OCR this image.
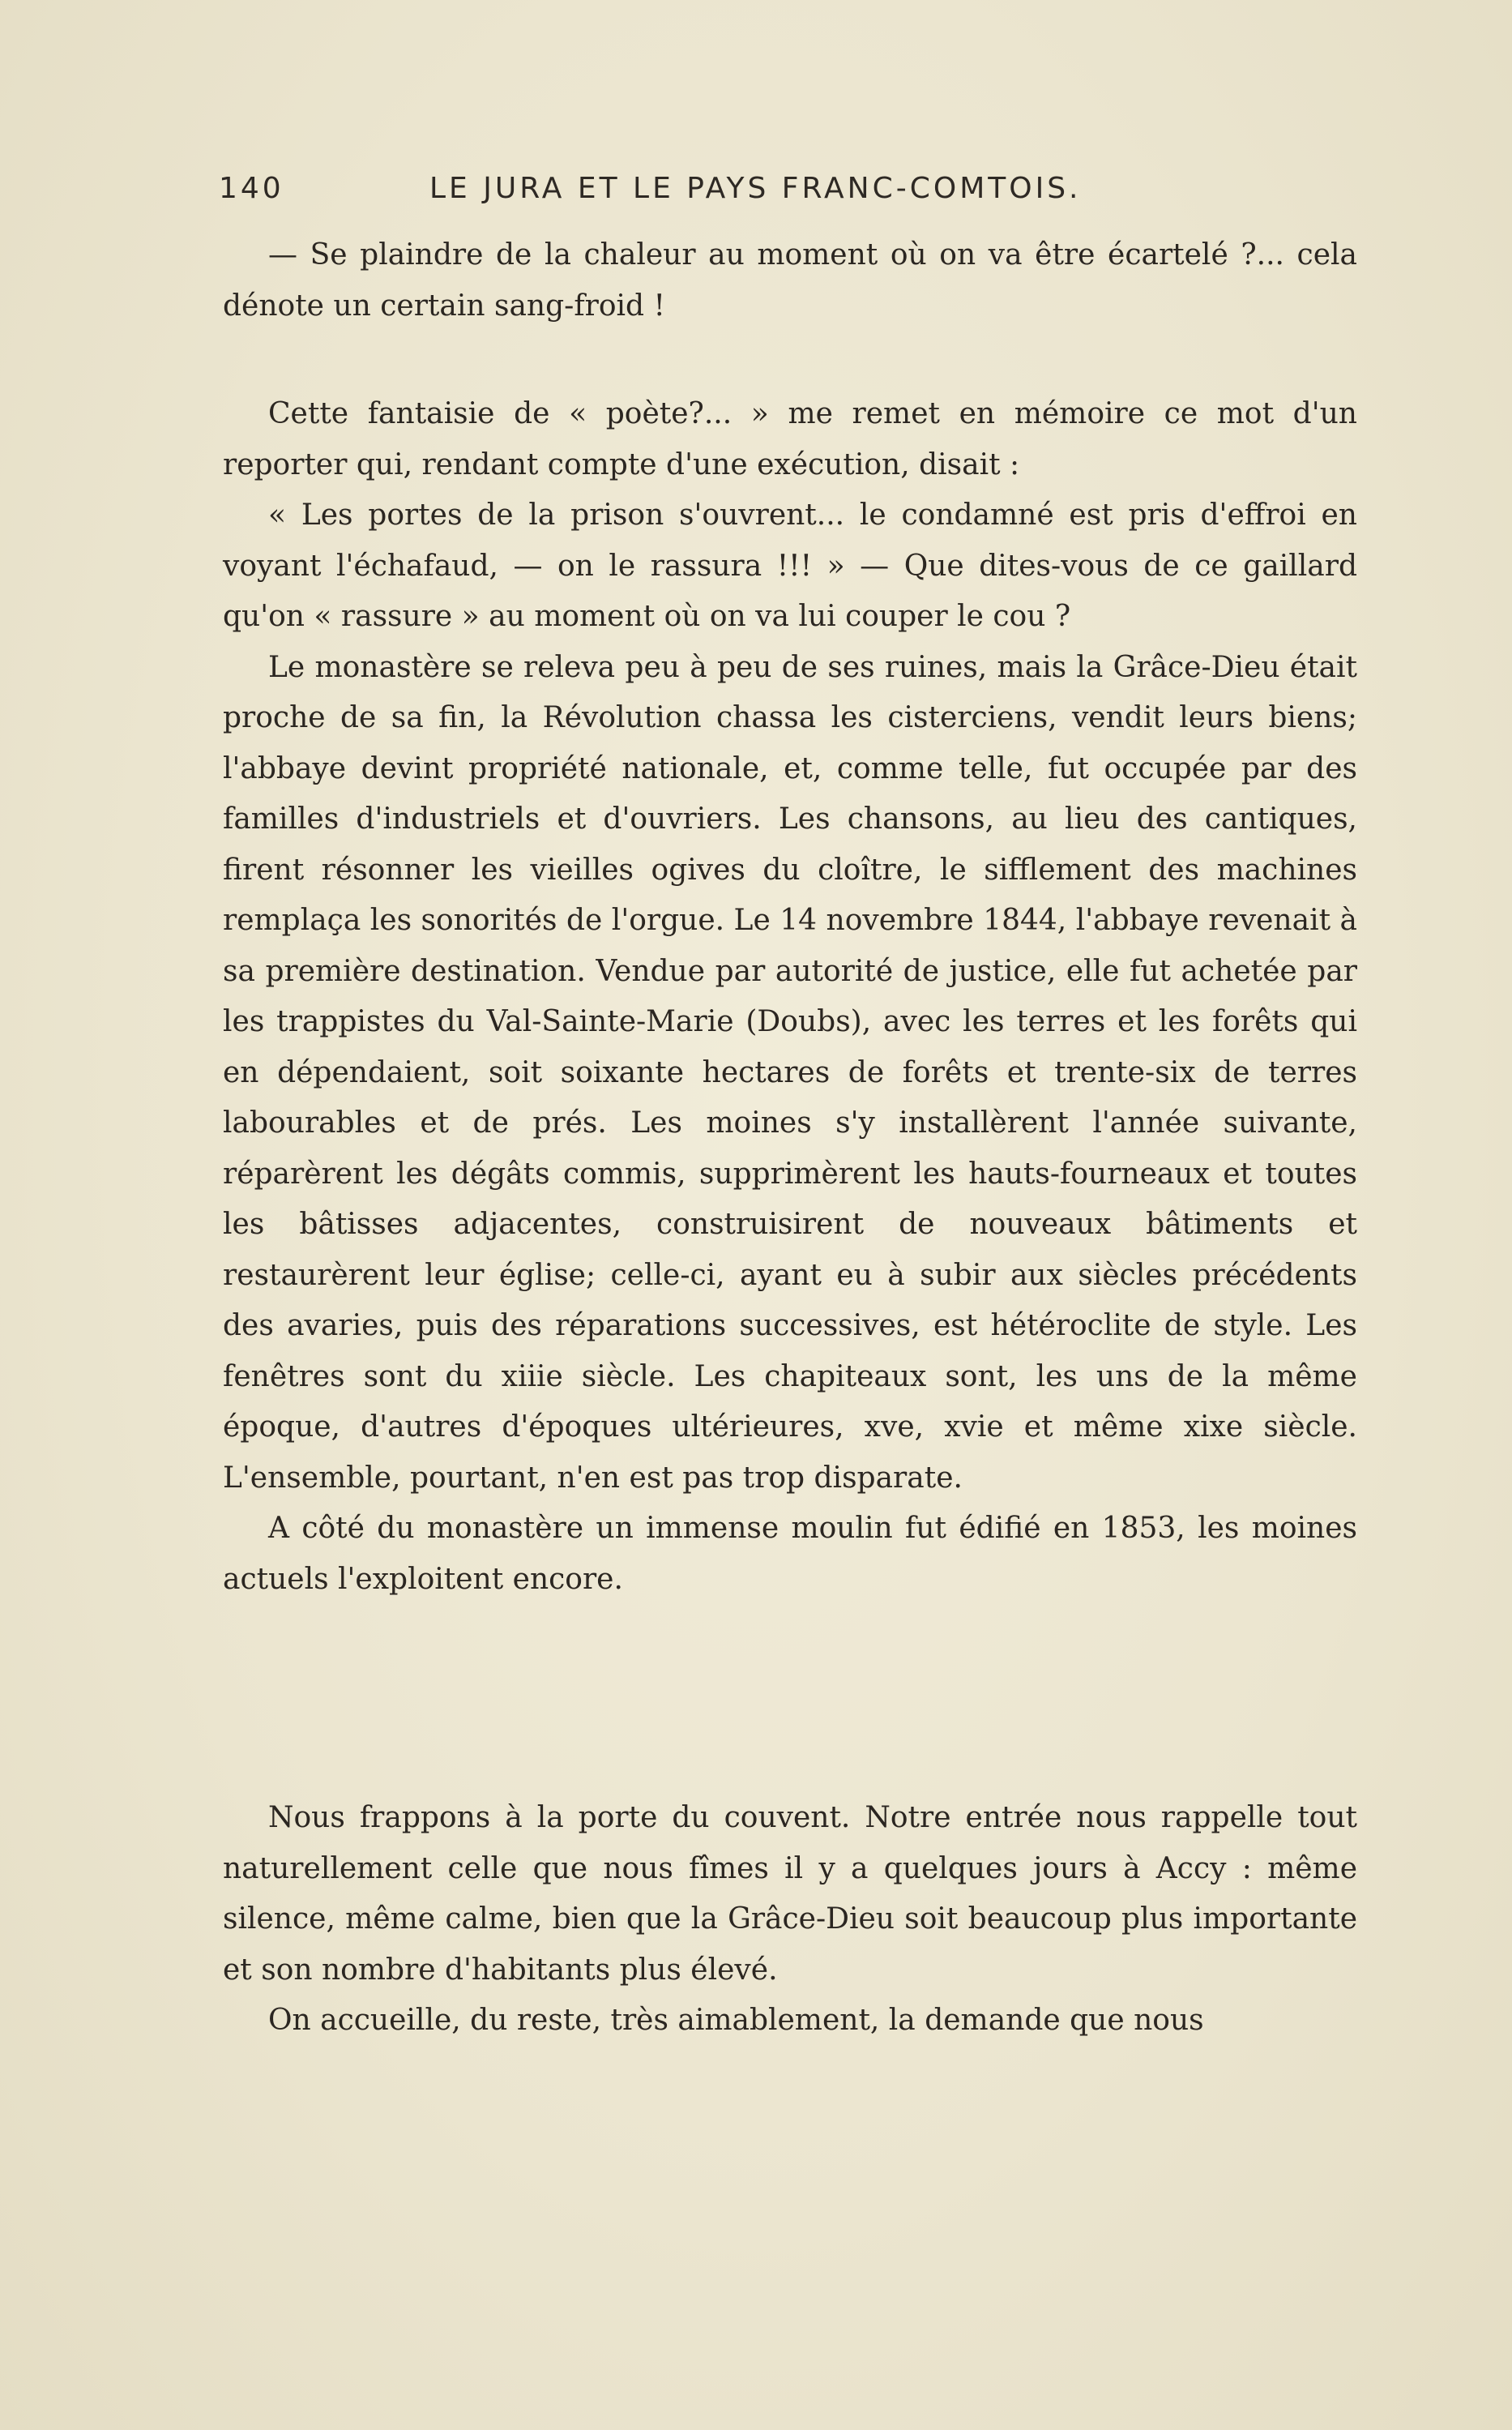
140	LE JURA ET LE PAYS FRANC-COMTOIS.

— Se plaindre de la chaleur au moment où on va être écartelé ?... cela dénote un certain sang-froid !

Cette fantaisie de « poète?... » me remet en mémoire ce mot d'un reporter qui, rendant compte d'une exécution, disait :

« Les portes de la prison s'ouvrent... le condamné est pris d'effroi en voyant l'échafaud, — on le rassura !!! » — Que dites-vous de ce gaillard qu'on « rassure » au moment où on va lui couper le cou ?

Le monastère se releva peu à peu de ses ruines, mais la Grâce-Dieu était proche de sa fin, la Révolution chassa les cisterciens, vendit leurs biens; l'abbaye devint propriété nationale, et, comme telle, fut occupée par des familles d'industriels et d'ouvriers. Les chansons, au lieu des cantiques, firent résonner les vieilles ogives du cloître, le sifflement des machines remplaça les sonorités de l'orgue. Le 14 novembre 1844, l'abbaye revenait à sa première destination. Vendue par autorité de justice, elle fut achetée par les trappistes du Val-Sainte-Marie (Doubs), avec les terres et les forêts qui en dépendaient, soit soixante hectares de forêts et trente-six de terres labourables et de prés. Les moines s'y installèrent l'année suivante, réparèrent les dégâts commis, supprimèrent les hauts-fourneaux et toutes les bâtisses adjacentes, construisirent de nouveaux bâtiments et restaurèrent leur église; celle-ci, ayant eu à subir aux siècles précédents des avaries, puis des réparations successives, est hétéroclite de style. Les fenêtres sont du xiiie siècle. Les chapiteaux sont, les uns de la même époque, d'autres d'époques ultérieures, xve, xvie et même xixe siècle. L'ensemble, pourtant, n'en est pas trop disparate.

A côté du monastère un immense moulin fut édifié en 1853, les moines actuels l'exploitent encore.

Nous frappons à la porte du couvent. Notre entrée nous rappelle tout naturellement celle que nous fîmes il y a quelques jours à Accy : même silence, même calme, bien que la Grâce-Dieu soit beaucoup plus importante et son nombre d'habitants plus élevé.

On accueille, du reste, très aimablement, la demande que nous
